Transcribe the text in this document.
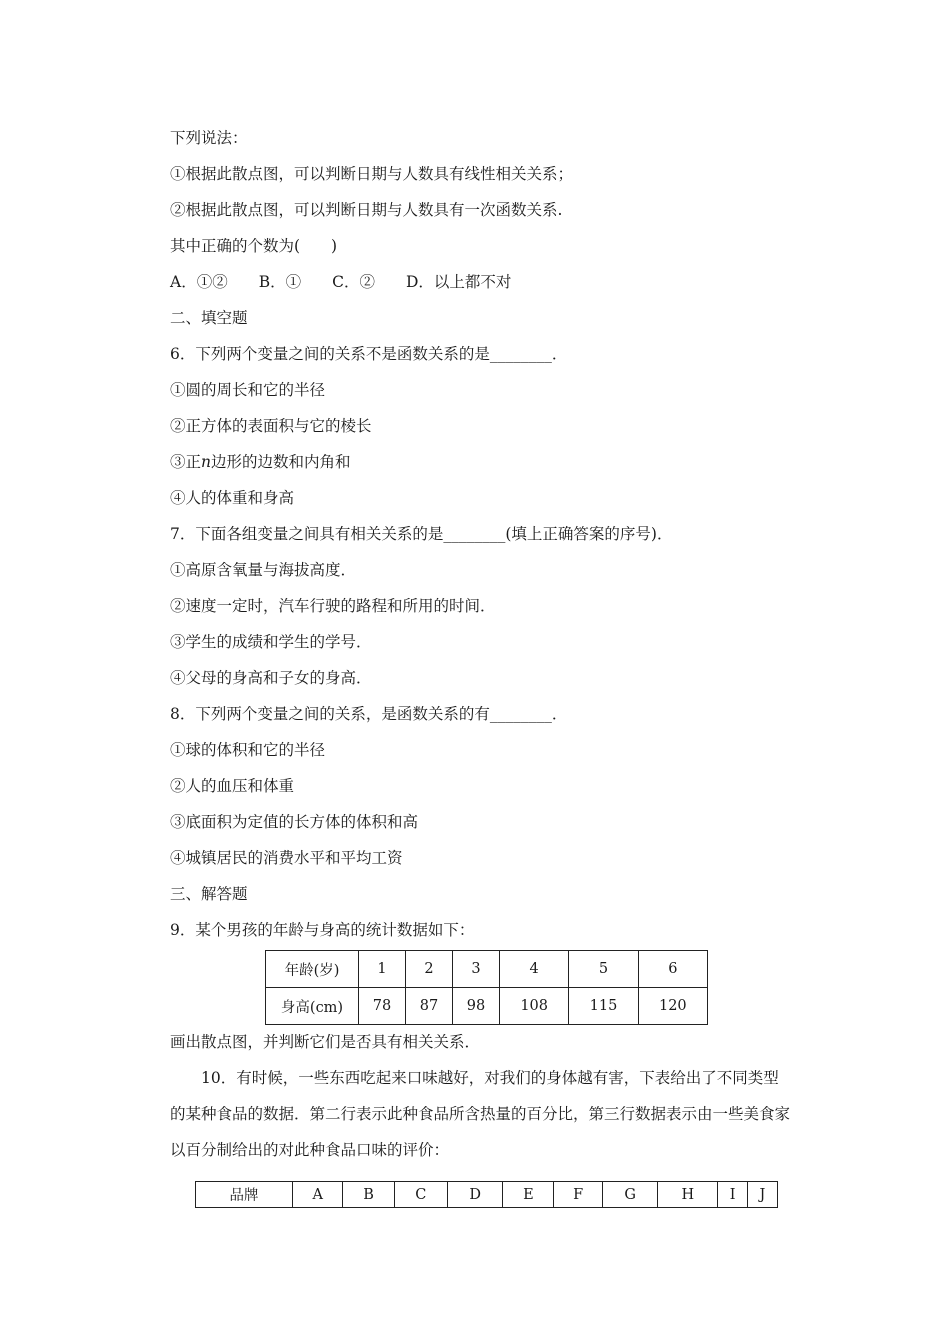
下列说法：
①根据此散点图，可以判断日期与人数具有线性相关关系；
②根据此散点图，可以判断日期与人数具有一次函数关系.
其中正确的个数为(　　)
A．①②　　B．①　　C．②　　D．以上都不对
二、填空题
6．下列两个变量之间的关系不是函数关系的是________．
①圆的周长和它的半径
②正方体的表面积与它的棱长
③正n边形的边数和内角和
④人的体重和身高
7．下面各组变量之间具有相关关系的是________(填上正确答案的序号)．
①高原含氧量与海拔高度．
②速度一定时，汽车行驶的路程和所用的时间．
③学生的成绩和学生的学号．
④父母的身高和子女的身高．
8．下列两个变量之间的关系，是函数关系的有________．
①球的体积和它的半径
②人的血压和体重
③底面积为定值的长方体的体积和高
④城镇居民的消费水平和平均工资
三、解答题
9．某个男孩的年龄与身高的统计数据如下：
年龄(岁)	1	2	3	4	5	6
身高(cm)	78	87	98	108	115	120
画出散点图，并判断它们是否具有相关关系．
10．有时候，一些东西吃起来口味越好，对我们的身体越有害，下表给出了不同类型的某种食品的数据．第二行表示此种食品所含热量的百分比，第三行数据表示由一些美食家以百分制给出的对此种食品口味的评价：
品牌	A	B	C	D	E	F	G	H	I	J
